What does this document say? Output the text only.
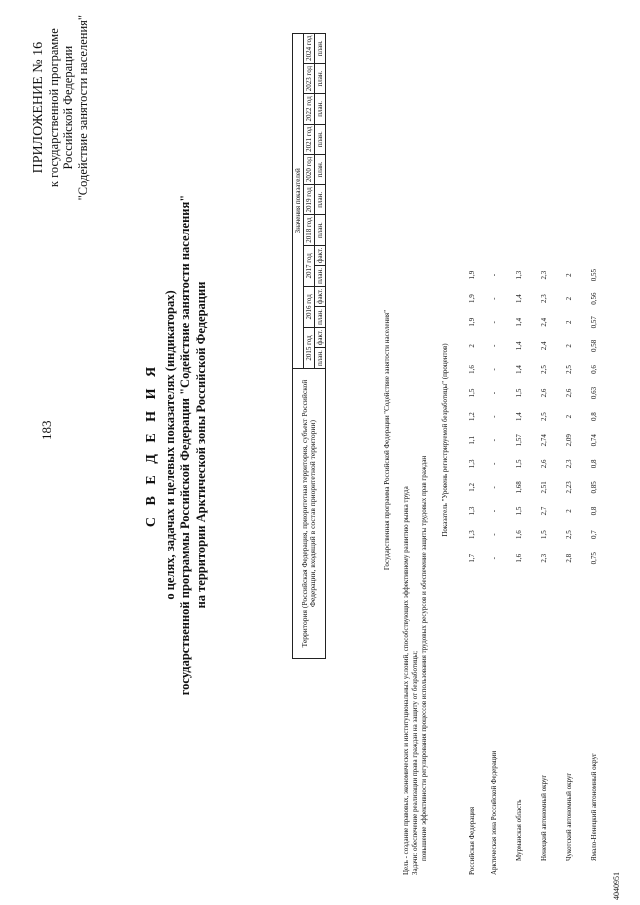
183
4040951
ПРИЛОЖЕНИЕ № 16 к государственной программе Российской Федерации "Содействие занятости населения"
С В Е Д Е Н И Я о целях, задачах и целевых показателях (индикаторах) государственной программы Российской Федерации "Содействие занятости населения" на территории Арктической зоны Российской Федерации	Территория (Российская Федерация, приоритетная территория, субъект Российской Федерации, входящий в состав приоритетной территории)	Значения показателей												
	2015 год		2016 год		2017 год		2018 год	2019 год	2020 год	2021 год	2022 год	2023 год	2024 год
	план.	факт.	план.	факт.	план.	факт.	план.	план.	план.	план.	план.	план.	план.
Государственная программа Российской Федерации "Содействие занятости населения"
Цель - создание правовых, экономических и институциональных условий, способствующих эффективному развитию рынка труда Задачи: обеспечение реализации права граждан на защиту от безработицы; повышение эффективности регулирования процессов использования трудовых ресурсов и обеспечение защиты трудовых прав граждан
Показатель "Уровень регистрируемой безработицы" (процентов)
Российская Федерация		1,7	1,3	1,3	1,2	1,3	1,1	1,2	1,5	1,6	2	1,9	1,9	1,9
Арктическая зона Российской Федерации		-	-	-	-	-	-	-	-	-	-	-	-	-
Мурманская область		1,6	1,6	1,5	1,68	1,5	1,57	1,4	1,5	1,4	1,4	1,4	1,4	1,3
Ненецкий автономный округ		2,3	1,5	2,7	2,51	2,6	2,74	2,5	2,6	2,5	2,4	2,4	2,3	2,3
Чукотский автономный округ		2,8	2,5	2	2,23	2,3	2,09	2	2,6	2,5	2	2	2	2
Ямало-Ненецкий автономный округ		0,75	0,7	0,8	0,85	0,8	0,74	0,8	0,63	0,6	0,58	0,57	0,56	0,55
